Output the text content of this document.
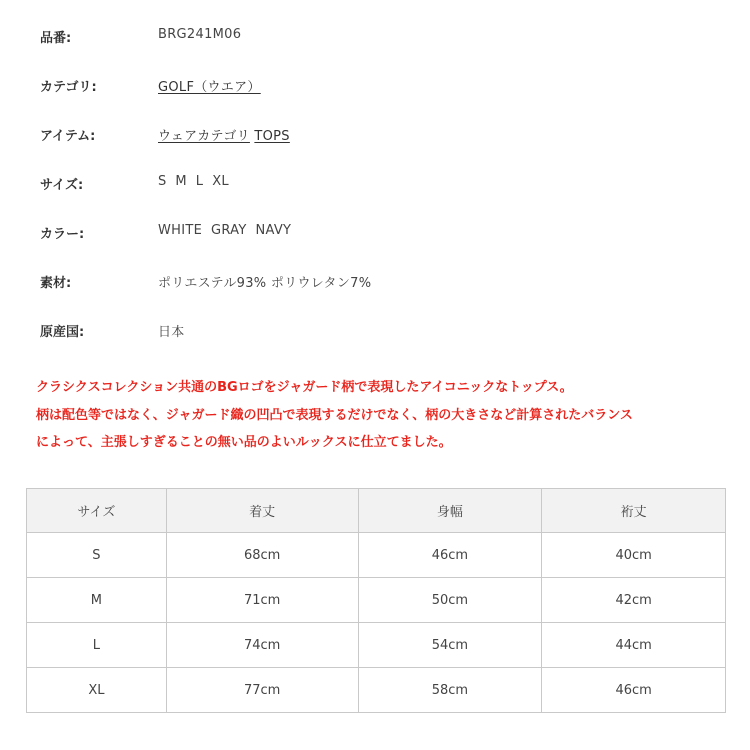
品番:	BRG241M06
カテゴリ:	GOLF（ウエア）
アイテム:	ウェアカテゴリ TOPS
サイズ:	S  M  L  XL
カラー:	WHITE  GRAY  NAVY
素材:	ポリエステル93% ポリウレタン7%
原産国:	日本

クラシクスコレクション共通のBGロゴをジャガード柄で表現したアイコニックなトップス。

柄は配色等ではなく、ジャガード織の凹凸で表現するだけでなく、柄の大きさなど計算されたバランス

によって、主張しすぎることの無い品のよいルックスに仕立てました。

サイズ	着丈	身幅	裄丈
S	68cm	46cm	40cm
M	71cm	50cm	42cm
L	74cm	54cm	44cm
XL	77cm	58cm	46cm
